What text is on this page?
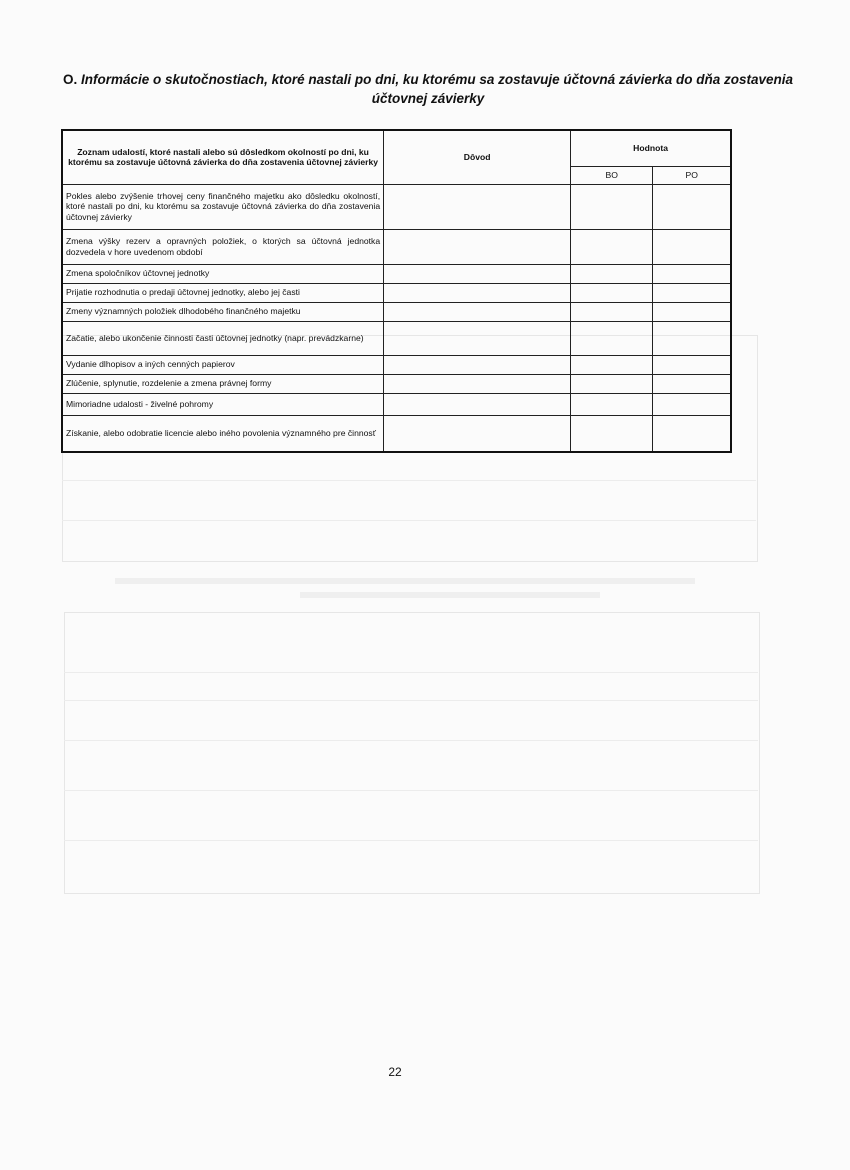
O. Informácie o skutočnostiach, ktoré nastali po dni, ku ktorému sa zostavuje účtovná závierka do dňa zostavenia účtovnej závierky
Zoznam udalostí, ktoré nastali alebo sú dôsledkom okolností po dni, ku ktorému sa zostavuje účtovná závierka do dňa zostavenia účtovnej závierky	Dôvod	Hodnota	
		BO	PO
Pokles alebo zvýšenie trhovej ceny finančného majetku ako dôsledku okolností, ktoré nastali po dni, ku ktorému sa zostavuje účtovná závierka do dňa zostavenia účtovnej závierky			
Zmena výšky rezerv a opravných položiek, o ktorých sa účtovná jednotka dozvedela v hore uvedenom období			
Zmena spoločníkov účtovnej jednotky			
Prijatie rozhodnutia o predaji účtovnej jednotky, alebo jej časti			
Zmeny významných položiek dlhodobého finančného majetku			
Začatie, alebo ukončenie činnosti časti účtovnej jednotky (napr. prevádzkarne)			
Vydanie dlhopisov a iných cenných papierov			
Zlúčenie, splynutie, rozdelenie a zmena právnej formy			
Mimoriadne udalosti - živelné pohromy			
Získanie, alebo odobratie licencie alebo iného povolenia významného pre činnosť			
22
